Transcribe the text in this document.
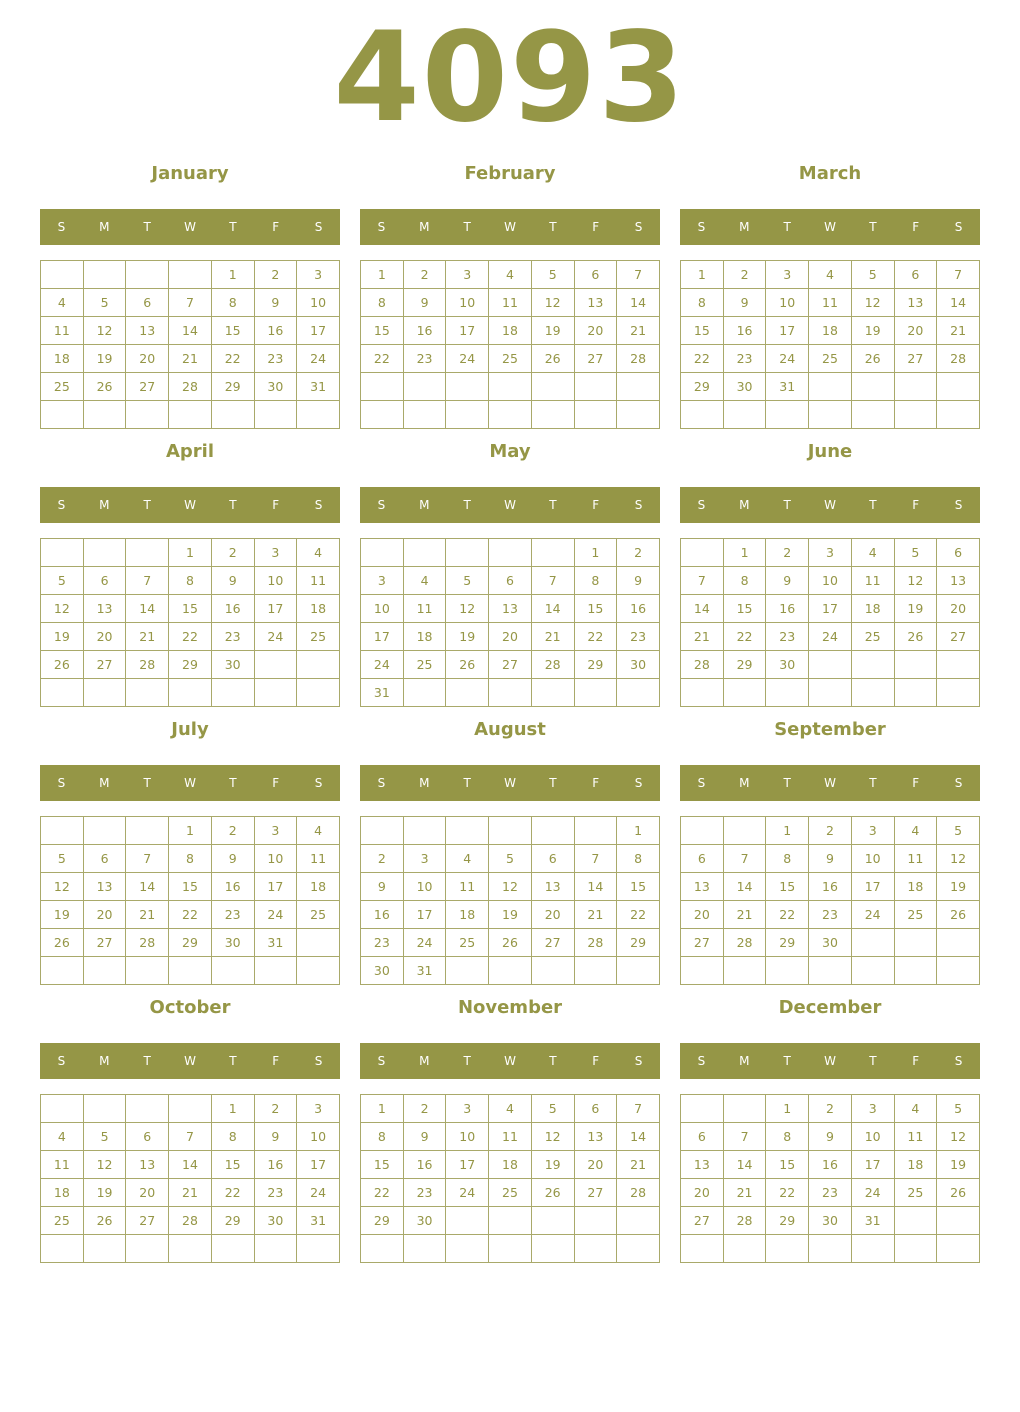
4093
January
S	M	T	W	T	F	S
				1	2	3
4	5	6	7	8	9	10
11	12	13	14	15	16	17
18	19	20	21	22	23	24
25	26	27	28	29	30	31

February
S	M	T	W	T	F	S
1	2	3	4	5	6	7
8	9	10	11	12	13	14
15	16	17	18	19	20	21
22	23	24	25	26	27	28

March
S	M	T	W	T	F	S
1	2	3	4	5	6	7
8	9	10	11	12	13	14
15	16	17	18	19	20	21
22	23	24	25	26	27	28
29	30	31				

April
S	M	T	W	T	F	S
			1	2	3	4
5	6	7	8	9	10	11
12	13	14	15	16	17	18
19	20	21	22	23	24	25
26	27	28	29	30		

May
S	M	T	W	T	F	S
					1	2
3	4	5	6	7	8	9
10	11	12	13	14	15	16
17	18	19	20	21	22	23
24	25	26	27	28	29	30
31						
June
S	M	T	W	T	F	S
	1	2	3	4	5	6
7	8	9	10	11	12	13
14	15	16	17	18	19	20
21	22	23	24	25	26	27
28	29	30				

July
S	M	T	W	T	F	S
			1	2	3	4
5	6	7	8	9	10	11
12	13	14	15	16	17	18
19	20	21	22	23	24	25
26	27	28	29	30	31	

August
S	M	T	W	T	F	S
						1
2	3	4	5	6	7	8
9	10	11	12	13	14	15
16	17	18	19	20	21	22
23	24	25	26	27	28	29
30	31					
September
S	M	T	W	T	F	S
		1	2	3	4	5
6	7	8	9	10	11	12
13	14	15	16	17	18	19
20	21	22	23	24	25	26
27	28	29	30			

October
S	M	T	W	T	F	S
				1	2	3
4	5	6	7	8	9	10
11	12	13	14	15	16	17
18	19	20	21	22	23	24
25	26	27	28	29	30	31

November
S	M	T	W	T	F	S
1	2	3	4	5	6	7
8	9	10	11	12	13	14
15	16	17	18	19	20	21
22	23	24	25	26	27	28
29	30					

December
S	M	T	W	T	F	S
		1	2	3	4	5
6	7	8	9	10	11	12
13	14	15	16	17	18	19
20	21	22	23	24	25	26
27	28	29	30	31		
